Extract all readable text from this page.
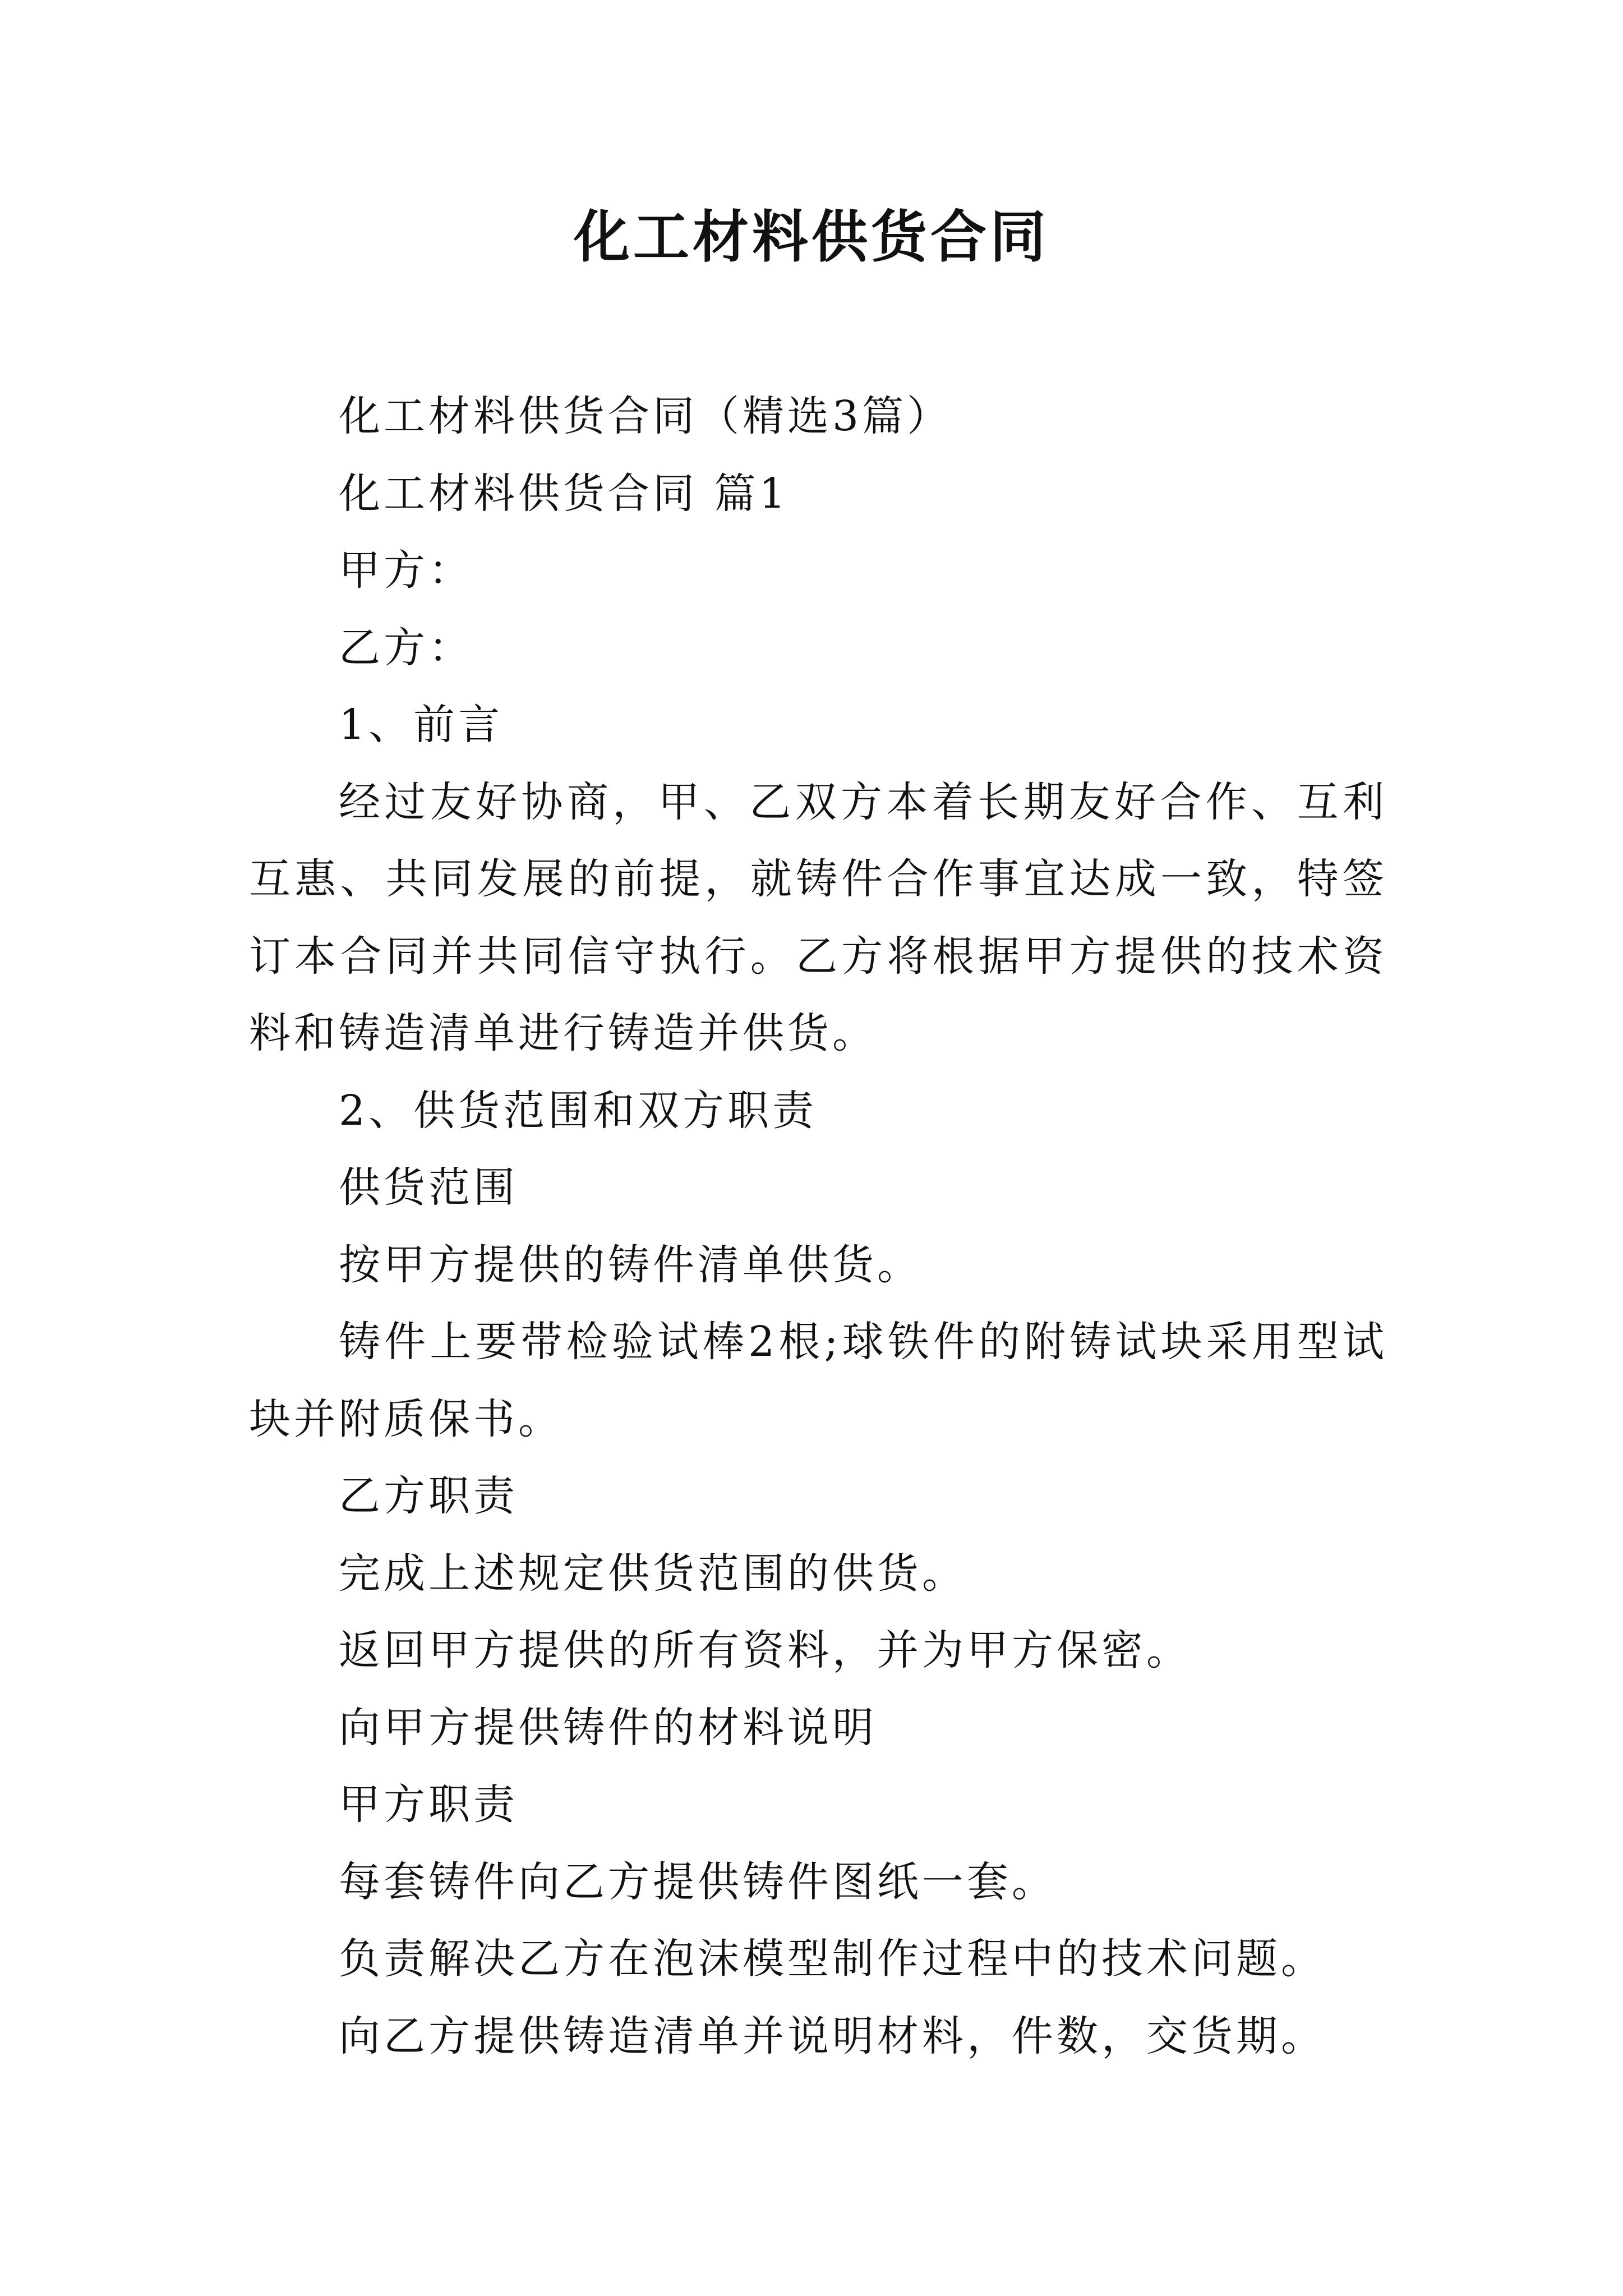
化工材料供货合同

化工材料供货合同（精选3篇）

化工材料供货合同 篇1

甲方：

乙方：

1、前言

经过友好协商，甲、乙双方本着长期友好合作、互利互惠、共同发展的前提，就铸件合作事宜达成一致，特签订本合同并共同信守执行。乙方将根据甲方提供的技术资料和铸造清单进行铸造并供货。

2、供货范围和双方职责

供货范围

按甲方提供的铸件清单供货。

铸件上要带检验试棒2根;球铁件的附铸试块采用型试块并附质保书。

乙方职责

完成上述规定供货范围的供货。

返回甲方提供的所有资料，并为甲方保密。

向甲方提供铸件的材料说明

甲方职责

每套铸件向乙方提供铸件图纸一套。

负责解决乙方在泡沫模型制作过程中的技术问题。

向乙方提供铸造清单并说明材料，件数，交货期。
